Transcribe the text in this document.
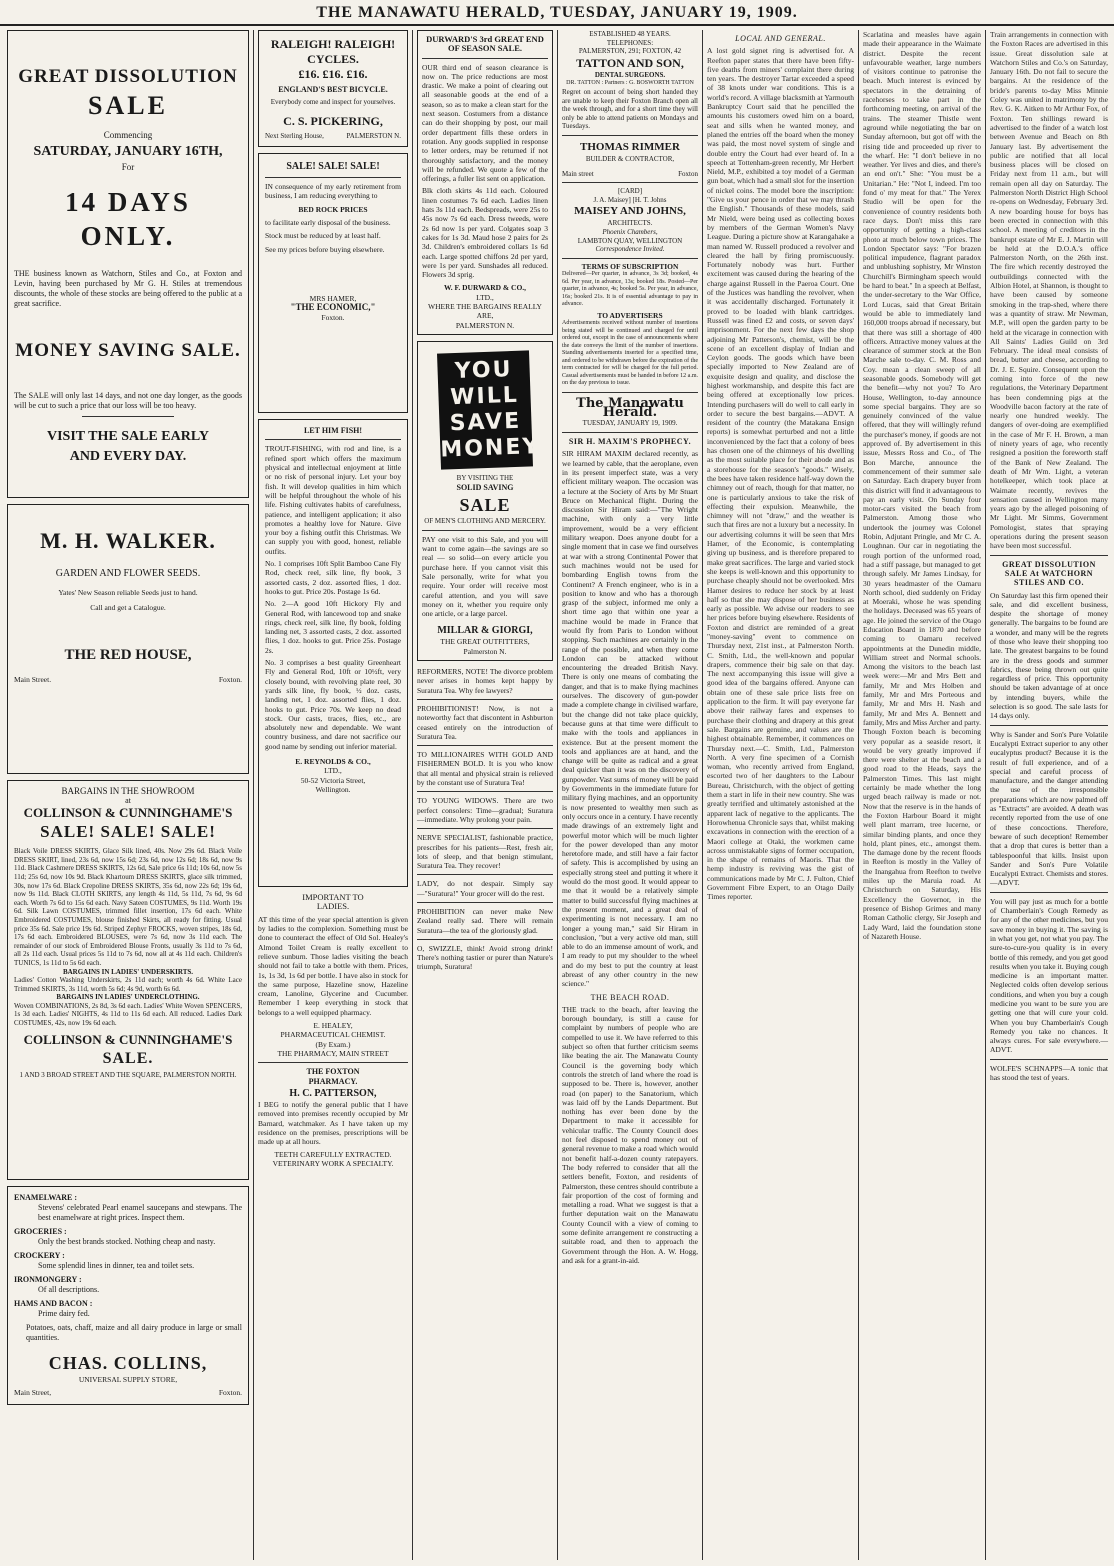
THE MANAWATU HERALD, TUESDAY, JANUARY 19, 1909.
GREAT DISSOLUTION
SALE
Commencing
SATURDAY, JANUARY 16TH,
For
14 DAYS ONLY.
THE business known as Watchorn, Stiles and Co., at Foxton and Levin, having been purchased by Mr G. H. Stiles at tremendous discounts, the whole of these stocks are being offered to the public at a great sacrifice.
MONEY SAVING SALE.
The SALE will only last 14 days, and not one day longer, as the goods will be cut to such a price that our loss will be too heavy.
VISIT THE SALE EARLY
AND EVERY DAY.
M. H. WALKER.
GARDEN AND FLOWER SEEDS.
Yates' New Season reliable Seeds just to hand.
Call and get a Catalogue.
THE RED HOUSE,
Main Street.	Foxton.
BARGAINS IN THE SHOWROOM
at
COLLINSON & CUNNINGHAME'S
SALE! SALE! SALE!
Black Voile DRESS SKIRTS, Glace Silk lined, 40s. Now 29s 6d. Black Voile DRESS SKIRT, lined, 23s 6d, now 15s 6d; 23s 6d, now 12s 6d; 18s 6d, now 9s 11d. Black Cashmere DRESS SKIRTS, 12s 6d, Sale price 6s 11d; 10s 6d, now 5s 11d; 25s 6d, now 10s 9d. Black Khartoum DRESS SKIRTS, glace silk trimmed, 30s, now 17s 6d. Black Crepoline DRESS SKIRTS, 35s 6d, now 22s 6d; 19s 6d, now 9s 11d. Black CLOTH SKIRTS, any length 4s 11d, 5s 11d, 7s 6d, 9s 6d each. Worth 7s 6d to 15s 6d each. Navy Sateen COSTUMES, 9s 11d. Worth 19s 6d. Silk Lawn COSTUMES, trimmed fillet insertion, 17s 6d each. White Embroidered COSTUMES, blouse finished Skirts, all ready for fitting. Usual price 35s 6d. Sale price 19s 6d. Striped Zephyr FROCKS, woven stripes, 18s 6d, 17s 6d each. Embroidered BLOUSES, were 7s 6d, now 3s 11d each. The remainder of our stock of Embroidered Blouse Fronts, usually 3s 11d to 7s 6d, all 2s 11d each. Usual prices 5s 11d to 7s 6d, now all at 4s 11d each. Children's TUNICS, 1s 11d to 5s 6d each.
BARGAINS IN LADIES' UNDERSKIRTS.
Ladies' Cotton Washing Underskirts, 2s 11d each; worth 4s 6d. White Lace Trimmed SKIRTS, 3s 11d, worth 5s 6d; 4s 9d, worth 6s 6d.
BARGAINS IN LADIES' UNDERCLOTHING.
Woven COMBINATIONS, 2s 8d, 3s 6d each. Ladies' White Woven SPENCERS, 1s 3d each. Ladies' NIGHTS, 4s 11d to 11s 6d each. All reduced. Ladies Dark COSTUMES, 42s, now 19s 6d each.
COLLINSON & CUNNINGHAME'S
SALE.
1 AND 3 BROAD STREET AND THE SQUARE, PALMERSTON NORTH.
ENAMELWARE :
Stevens' celebrated Pearl enamel saucepans and stewpans. The best enamelware at right prices. Inspect them.
GROCERIES :
Only the best brands stocked. Nothing cheap and nasty.
CROCKERY :
Some splendid lines in dinner, tea and toilet sets.
IRONMONGERY :
Of all descriptions.
HAMS AND BACON :
Prime dairy fed.
Potatoes, oats, chaff, maize and all dairy produce in large or small quantities.
CHAS. COLLINS,
UNIVERSAL SUPPLY STORE,
Main Street,	Foxton.
RALEIGH! RALEIGH!
CYCLES.
£16. £16. £16.
ENGLAND'S BEST BICYCLE.
Everybody come and inspect for yourselves.
C. S. PICKERING,
Next Sterling House,	PALMERSTON N.
SALE! SALE! SALE!
IN consequence of my early retirement from business, I am reducing everything to
BED ROCK PRICES
to facilitate early disposal of the business.
Stock must be reduced by at least half.
See my prices before buying elsewhere.
MRS HAMER,
"THE ECONOMIC,"
Foxton.
LET HIM FISH!
TROUT-FISHING, with rod and line, is a refined sport which offers the maximum physical and intellectual enjoyment at little or no risk of personal injury. Let your boy fish. It will develop qualities in him which will be helpful throughout the whole of his life. Fishing cultivates habits of carefulness, patience, and intelligent application; it also promotes a healthy love for Nature. Give your boy a fishing outfit this Christmas. We can supply you with good, honest, reliable outfits.
No. 1 comprises 10ft Split Bamboo Cane Fly Rod, check reel, silk line, fly book, 3 assorted casts, 2 doz. assorted flies, 1 doz. hooks to gut. Price 20s. Postage 1s 6d.
No. 2—A good 10ft Hickory Fly and General Rod, with lancewood top and snake rings, check reel, silk line, fly book, folding landing net, 3 assorted casts, 2 doz. assorted flies, 1 doz. hooks to gut. Price 25s. Postage 2s.
No. 3 comprises a best quality Greenheart Fly and General Rod, 10ft or 10½ft, very closely bound, with revolving plate reel, 30 yards silk line, fly book, ½ doz. casts, landing net, 1 doz. assorted flies, 1 doz. hooks to gut. Price 70s. We keep no dead stock. Our casts, traces, flies, etc., are absolutely new and dependable. We want country business, and dare not sacrifice our good name by sending out inferior material.
E. REYNOLDS & CO.,
LTD.,
50-52 Victoria Street,
Wellington.
IMPORTANT TO
LADIES.
AT this time of the year special attention is given by ladies to the complexion. Something must be done to counteract the effect of Old Sol. Healey's Almond Toilet Cream is really excellent to relieve sunburn. Those ladies visiting the beach should not fail to take a bottle with them. Prices, 1s, 1s 3d, 1s 6d per bottle. I have also in stock for the same purpose, Hazeline snow, Hazeline cream, Lanoline, Glycerine and Cucumber. Remember I keep everything in stock that belongs to a well equipped pharmacy.
E. HEALEY,
PHARMACEUTICAL CHEMIST.
(By Exam.)
THE PHARMACY, MAIN STREET
THE FOXTON
PHARMACY.
H. C. PATTERSON,
I BEG to notify the general public that I have removed into premises recently occupied by Mr Barnard, watchmaker. As I have taken up my residence on the premises, prescriptions will be made up at all hours.
TEETH CAREFULLY EXTRACTED. VETERINARY WORK A SPECIALTY.
DURWARD'S 3rd GREAT END OF SEASON SALE.
OUR third end of season clearance is now on. The price reductions are most drastic. We make a point of clearing out all seasonable goods at the end of a season, so as to make a clean start for the next season. Costumers from a distance can do their shopping by post, our mail order department fills these orders in rotation. Any goods supplied in response to letter orders, may be returned if not thoroughly satisfactory, and the money will be refunded. We quote a few of the offerings, a fuller list sent on application.
Blk cloth skirts 4s 11d each. Coloured linen costumes 7s 6d each. Ladies linen hats 3s 11d each. Bedspreads, were 25s to 45s now 7s 6d each. Dress tweeds, were 2s 6d now 1s per yard. Colgates soap 3 cakes for 1s 3d. Maud hose 2 pairs for 2s 3d. Children's embroidered collars 1s 6d each. Large spotted chiffons 2d per yard, were 1s per yard. Sunshades all reduced. Flowers 3d sprig.
W. F. DURWARD & CO.,
LTD.,
WHERE THE BARGAINS REALLY ARE,
PALMERSTON N.
YOU
WILL
SAVE
MONEY
BY VISITING THE
SOLID SAVING
SALE
OF MEN'S CLOTHING AND MERCERY.
PAY one visit to this Sale, and you will want to come again—the savings are so real — so solid—on every article you purchase here. If you cannot visit this Sale personally, write for what you require. Your order will receive most careful attention, and you will save money on it, whether you require only one article, or a large parcel.
MILLAR & GIORGI,
THE GREAT OUTFITTERS,
Palmerston N.
REFORMERS, NOTE! The divorce problem never arises in homes kept happy by Suratura Tea. Why fee lawyers?
PROHIBITIONIST! Now, is not a noteworthy fact that discontent in Ashburton ceased entirely on the introduction of Suratura Tea.
TO MILLIONAIRES WITH GOLD AND FISHERMEN BOLD. It is you who know that all mental and physical strain is relieved by the constant use of Suratura Tea!
TO YOUNG WIDOWS. There are two perfect consolers: Time—gradual; Suratura—immediate. Why prolong your pain.
NERVE SPECIALIST, fashionable practice, prescribes for his patients—Rest, fresh air, lots of sleep, and that benign stimulant, Suratura Tea. They recover!
LADY, do not despair. Simply say—"Suratura!" Your grocer will do the rest.
PROHIBITION can never make New Zealand really sad. There will remain Suratura—the tea of the gloriously glad.
O, SWIZZLE, think! Avoid strong drink! There's nothing tastier or purer than Nature's triumph, Suratura!
ESTABLISHED 48 YEARS.
TELEPHONES:
PALMERSTON, 291; FOXTON, 42
TATTON AND SON,
DENTAL SURGEONS.
DR. TATTON : Partners : G. BOSWORTH TATTON
Regret on account of being short handed they are unable to keep their Foxton Branch open all the week through, and for a short time they will only be able to attend patients on Mondays and Tuesdays.
THOMAS RIMMER
BUILDER & CONTRACTOR,
Main street	Foxton
[CARD]
J. A. Maisey] [H. T. Johns
MAISEY AND JOHNS,
ARCHITECTS.
Phoenix Chambers,
LAMBTON QUAY, WELLINGTON
Correspondence Invited.
TERMS OF SUBSCRIPTION
Delivered—Per quarter, in advance, 3s 3d; booked, 4s 6d. Per year, in advance, 13s; booked 18s. Posted—Per quarter, in advance, 4s; booked 5s. Per year, in advance, 16s; booked 21s. It is of essential advantage to pay in advance.
TO ADVERTISERS
Advertisements received without number of insertions being stated will be continued and charged for until ordered out, except in the case of announcements where the date conveys the limit of the number of insertions. Standing advertisements inserted for a specified time, and ordered to be withdrawn before the expiration of the term contracted for will be charged for the full period. Casual advertisements must be handed in before 12 a.m. on the day previous to issue.
The Manawatu Herald.
TUESDAY, JANUARY 19, 1909.
SIR H. MAXIM'S PROPHECY.
SIR HIRAM MAXIM declared recently, as we learned by cable, that the aeroplane, even in its present imperfect state, was a very efficient military weapon. The occasion was a lecture at the Society of Arts by Mr Stuart Bruce on Mechanical flight. During the discussion Sir Hiram said:—"The Wright machine, with only a very little improvement, would be a very efficient military weapon. Does anyone doubt for a single moment that in case we find ourselves at war with a strong Continental Power that such machines would not be used for bombarding English towns from the Continent? A French engineer, who is in a position to know and who has a thorough grasp of the subject, informed me only a short time ago that within one year a machine would be made in France that would fly from Paris to London without stopping. Such machines are certainly in the range of the possible, and when they come London can be attacked without encountering the dreaded British Navy. There is only one means of combating the danger, and that is to make flying machines ourselves. The discovery of gun-powder made a complete change in civilised warfare, but the change did not take place quickly, because guns at that time were difficult to make with the tools and appliances in existence. But at the present moment the tools and appliances are at hand, and the change will be quite as radical and a great deal quicker than it was on the discovery of gunpowder. Vast sums of money will be paid by Governments in the immediate future for military flying machines, and an opportunity is now presented to wealthy men such as only occurs once in a century. I have recently made drawings of an extremely light and powerful motor which will be much lighter for the power developed than any motor heretofore made, and still have a fair factor of safety. This is accomplished by using an especially strong steel and putting it where it would do the most good. It would appear to me that it would be a relatively simple matter to build successful flying machines at the present moment, and a great deal of experimenting is not necessary. I am no longer a young man," said Sir Hiram in conclusion, "but a very active old man, still able to do an immense amount of work, and I am ready to put my shoulder to the wheel and do my best to put the country at least abreast of any other country in the new science."
THE BEACH ROAD.
THE track to the beach, after leaving the borough boundary, is still a cause for complaint by numbers of people who are compelled to use it. We have referred to this subject so often that further criticism seems like beating the air. The Manawatu County Council is the governing body which controls the stretch of land where the road is supposed to be. There is, however, another road (on paper) to the Sanatorium, which was laid off by the Lands Department. But nothing has ever been done by the Department to make it accessible for vehicular traffic. The County Council does not feel disposed to spend money out of general revenue to make a road which would not benefit half-a-dozen county ratepayers. The body referred to consider that all the settlers benefit, Foxton, and residents of Palmerston, these centres should contribute a fair proportion of the cost of forming and metalling a road. What we suggest is that a further deputation wait on the Manawatu County Council with a view of coming to some definite arrangement re constructing a suitable road, and then to approach the Government through the Hon. A. W. Hogg, and ask for a grant-in-aid.
LOCAL AND GENERAL.
A lost gold signet ring is advertised for. A Reefton paper states that there have been fifty-five deaths from miners' complaint there during ten years. The destroyer Tartar exceeded a speed of 38 knots under war conditions. This is a world's record. A village blacksmith at Yarmouth Bankruptcy Court said that he pencilled the amounts his customers owed him on a board, seat and sills when he wanted money, and planed the entries off the board when the money was paid, the most novel system of single and double entry the Court had ever heard of. In a speech at Tottenham-green recently, Mr Herbert Nield, M.P., exhibited a toy model of a German gun boat, which had a small slot for the insertion of nickel coins. The model bore the inscription: "Give us your pence in order that we may thrash the English." Thousands of these models, said Mr Nield, were being used as collecting boxes by members of the German Women's Navy League. During a picture show at Karangahake a man named W. Russell produced a revolver and cleared the hall by firing promiscuously. Fortunately nobody was hurt. Further excitement was caused during the hearing of the charge against Russell in the Paeroa Court. One of the Justices was handling the revolver, when it was accidentally discharged. Fortunately it proved to be loaded with blank cartridges. Russell was fined £2 and costs, or seven days' imprisonment. For the next few days the shop adjoining Mr Patterson's, chemist, will be the scene of an excellent display of Indian and Ceylon goods. The goods which have been specially imported to New Zealand are of exquisite design and quality, and disclose the highest workmanship, and despite this fact are being offered at exceptionally low prices. Intending purchasers will do well to call early in order to secure the best bargains.—ADVT. A resident of the country (the Matakana Ensign reports) is somewhat perturbed and not a little inconvenienced by the fact that a colony of bees has chosen one of the chimneys of his dwelling as the most suitable place for their abode and as a storehouse for the season's "goods." Wisely, the bees have taken residence half-way down the chimney out of reach, though for that matter, no one is particularly anxious to take the risk of effecting their expulsion. Meanwhile, the chimney will not "draw," and the weather is such that fires are not a luxury but a necessity. In our advertising columns it will be seen that Mrs Hamer, of the Economic, is contemplating giving up business, and is therefore prepared to make great sacrifices. The large and varied stock she keeps is well-known and this opportunity to purchase cheaply should not be overlooked. Mrs Hamer desires to reduce her stock by at least half so that she may dispose of her business as early as possible. We advise our readers to see her prices before buying elsewhere. Residents of Foxton and district are reminded of a great "money-saving" event to commence on Thursday next, 21st inst., at Palmerston North. C. Smith, Ltd., the well-known and popular drapers, commence their big sale on that day. The next accompanying this issue will give a good idea of the bargains offered. Anyone can obtain one of these sale price lists free on application to the firm. It will pay everyone far above their railway fares and expenses to purchase their clothing and drapery at this great sale. Bargains are genuine, and values are the highest obtainable. Remember, it commences on Thursday next.—C. Smith, Ltd., Palmerston North. A very fine specimen of a Cornish woman, who recently arrived from England, escorted two of her daughters to the Labour Bureau, Christchurch, with the object of getting them a start in life in their new country. She was greatly terrified and ultimately astonished at the apparent lack of negative to the applicants. The Horowhenua Chronicle says that, whilst making excavations in connection with the erection of a Maori college at Otaki, the workmen came across unmistakable signs of former occupation, in the shape of remains of Maoris. That the hemp industry is reviving was the gist of communications made by Mr C. J. Fulton, Chief Government Fibre Expert, to an Otago Daily Times reporter.
Scarlatina and measles have again made their appearance in the Waimate district. Despite the recent unfavourable weather, large numbers of visitors continue to patronise the beach. Much interest is evinced by spectators in the detraining of racehorses to take part in the forthcoming meeting, on arrival of the trains. The steamer Thistle went aground while negotiating the bar on Sunday afternoon, but got off with the rising tide and proceeded up river to the wharf. He: "I don't believe in no weather. Yer lives and dies, and there's an end on't." She: "You must be a Unitarian." He: "Not I, indeed. I'm too fond o' my meat for that." The Yerex Studio will be open for the convenience of country residents both race days. Don't miss this rare opportunity of getting a high-class photo at much below town prices. The London Spectator says: "For brazen political impudence, flagrant paradox and unblushing sophistry, Mr Winston Churchill's Birmingham speech would be hard to beat." In a speech at Belfast, the under-secretary to the War Office, Lord Lucas, said that Great Britain would be able to immediately land 160,000 troops abroad if necessary, but that there was still a shortage of 400 officers. Attractive money values at the clearance of summer stock at the Bon Marche sale to-day. C. M. Ross and Coy. mean a clean sweep of all seasonable goods. Somebody will get the benefit—why not you? To Aro House, Wellington, to-day announce some special bargains. They are so genuinely convinced of the value offered, that they will willingly refund the purchaser's money, if goods are not approved of. By advertisement in this issue, Messrs Ross and Co., of The Bon Marche, announce the commencement of their summer sale on Saturday. Each drapery buyer from this district will find it advantageous to pay an early visit. On Sunday four motor-cars visited the beach from Palmerston. Among those who undertook the journey was Colonel Robin, Adjutant Pringle, and Mr C. A. Loughnan. Our car in negotiating the rough portion of the unformed road, had a stiff passage, but managed to get through safely. Mr James Lindsay, for 30 years headmaster of the Oamaru North school, died suddenly on Friday at Moeraki, whose he was spending the holidays. Deceased was 65 years of age. He joined the service of the Otago Education Board in 1870 and before coming to Oamaru received appointments at the Dunedin middle, William street and Normal schools. Among the visitors to the beach last week were:—Mr and Mrs Bett and family, Mr and Mrs Holben and family, Mr and Mrs Porteous and family, Mr and Mrs H. Nash and family, Mr and Mrs A. Bennett and family, Mrs and Miss Archer and party. Though Foxton beach is becoming very popular as a seaside resort, it would be very greatly improved if there were shelter at the beach and a good road to the Heads, says the Palmerston Times. This last might certainly be made whether the long urged beach railway is made or not. Now that the reserve is in the hands of the Foxton Harbour Board it might well plant marram, tree lucerne, or similar binding plants, and once they hold, plant pines, etc., amongst them. The damage done by the recent floods in Reefton is mostly in the Valley of the Inangahua from Reefton to twelve miles up the Maruia road. At Christchurch on Saturday, His Excellency the Governor, in the presence of Bishop Grimes and many Roman Catholic clergy, Sir Joseph and Lady Ward, laid the foundation stone of Nazareth House.
Train arrangements in connection with the Foxton Races are advertised in this issue. Great dissolution sale at Watchorn Stiles and Co.'s on Saturday, January 16th. Do not fail to secure the bargains. At the residence of the bride's parents to-day Miss Minnie Coley was united in matrimony by the Rev. G. K. Aitken to Mr Arthur Fox, of Foxton. Ten shillings reward is advertised to the finder of a watch lost between Avenue and Beach on 8th January last. By advertisement the public are notified that all local business places will be closed on Friday next from 11 a.m., but will remain open all day on Saturday. The Palmerston North District High School re-opens on Wednesday, February 3rd. A new boarding house for boys has been erected in connection with this school. A meeting of creditors in the bankrupt estate of Mr E. J. Martin will be held at the D.O.A.'s office Palmerston North, on the 26th inst. The fire which recently destroyed the outbuildings connected with the Albion Hotel, at Shannon, is thought to have been caused by someone smoking in the trap-shed, where there was a quantity of straw. Mr Newman, M.P., will open the garden party to be held at the vicarage in connection with All Saints' Ladies Guild on 3rd February. The ideal meal consists of bread, butter and cheese, according to Dr. J. E. Squire. Consequent upon the coming into force of the new regulations, the Veterinary Department has been condemning pigs at the Woodville bacon factory at the rate of nearly one hundred weekly. The dangers of over-doing are exemplified in the case of Mr F. H. Brown, a man of ninety years of age, who recently resigned a position the foreworth staff of the Bank of New Zealand. The death of Mr Wm. Light, a veteran hotelkeeper, which took place at Waimate recently, revives the sensation caused in Wellington many years ago by the alleged poisoning of Mr Light. Mr Simms, Government Pomologist, states that spraying operations during the present season have been most successful.
GREAT DISSOLUTION SALE At WATCHORN STILES AND CO.
On Saturday last this firm opened their sale, and did excellent business, despite the shortage of money generally. The bargains to be found are a wonder, and many will be the regrets of those who leave their shopping too late. The greatest bargains to be found are in the dress goods and summer fabrics, these being thrown out quite regardless of price. This opportunity should be taken advantage of at once by intending buyers, while the selection is so good. The sale lasts for 14 days only.
Why is Sander and Son's Pure Volatile Eucalypti Extract superior to any other eucalyptus product? Because it is the result of full experience, and of a special and careful process of manufacture, and the danger attending the use of the irresponsible preparations which are now palmed off as "Extracts" are avoided. A death was recently reported from the use of one of these concoctions. Therefore, beware of such deception! Remember that a drop that cures is better than a tablespoonful that kills. Insist upon Sander and Son's Pure Volatile Eucalypti Extract. Chemists and stores.—ADVT.
You will pay just as much for a bottle of Chamberlain's Cough Remedy as for any of the other medicines, but you save money in buying it. The saving is in what you get, not what you pay. The sure-to-cure-you quality is in every bottle of this remedy, and you get good results when you take it. Buying cough medicine is an important matter. Neglected colds often develop serious conditions, and when you buy a cough medicine you want to be sure you are getting one that will cure your cold. When you buy Chamberlain's Cough Remedy you take no chances. It always cures. For sale everywhere.—ADVT.
WOLFE'S SCHNAPPS—A tonic that has stood the test of years.
